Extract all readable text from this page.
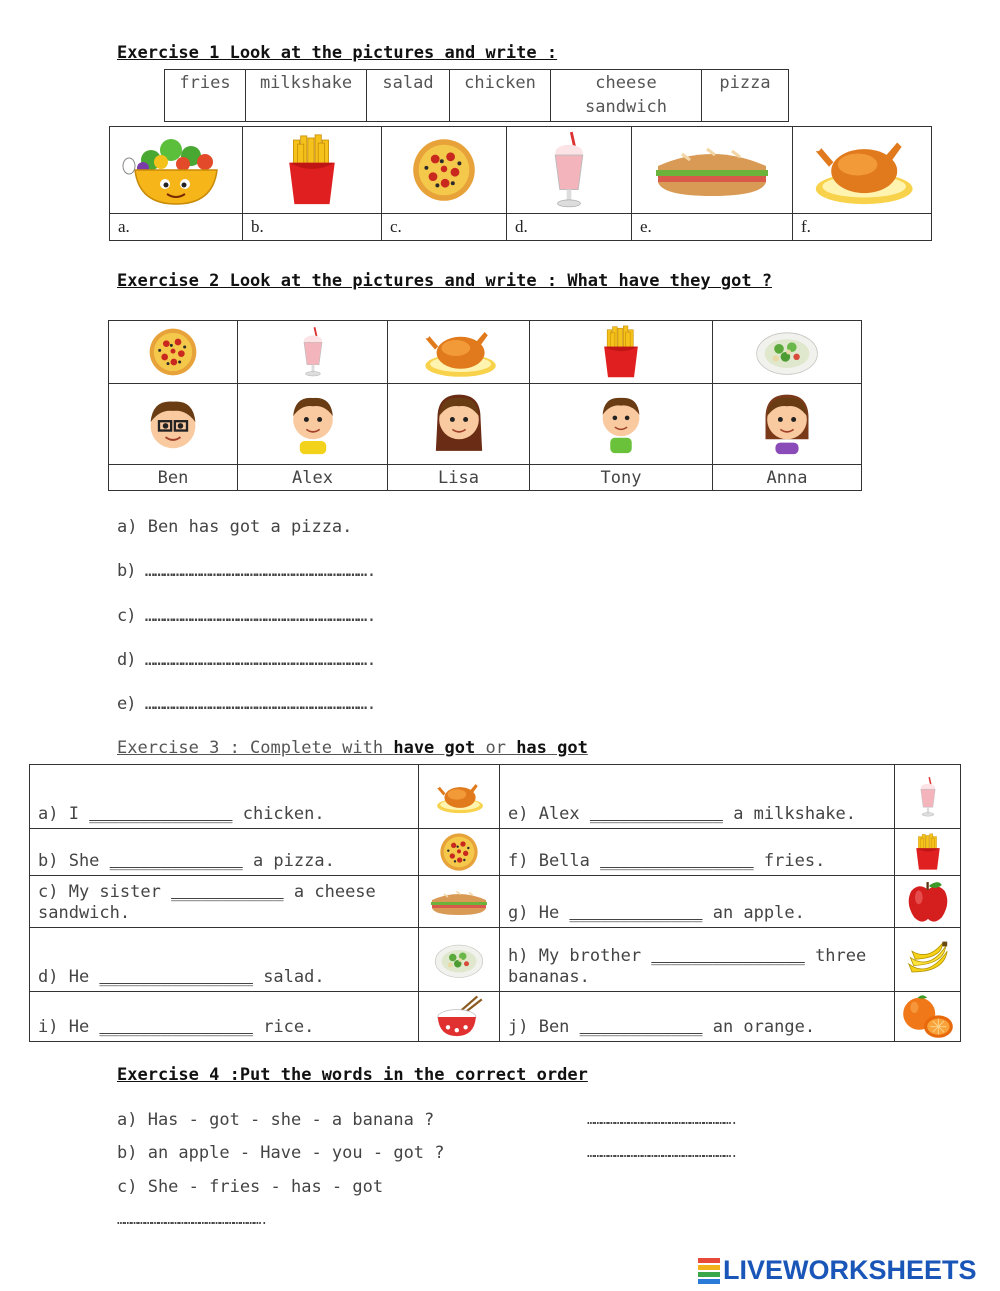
Exercise 1 Look at the pictures and write :
fries	milkshake	salad	chicken	cheese sandwich	pizza

a.	b.	c.	d.	e.	f.
Exercise 2 Look at the pictures and write : What have they got ?

Ben	Alex	Lisa	Tony	Anna
a) Ben has got a pizza.
b) ……………………………………………………………….
c) ……………………………………………………………….
d) ……………………………………………………………….
e) ……………………………………………………………….
Exercise 3 : Complete with have got or has got
a) I ______________ chicken.		e) Alex _____________ a milkshake.	

b) She _____________ a pizza.		f) Bella _______________ fries.	

c) My sister ___________ a cheese sandwich.		g) He _____________ an apple.	

d) He _______________ salad.		h) My brother _______________ three bananas.	

i) He _______________ rice.		j) Ben ____________ an orange.	
Exercise 4 :Put the words in the correct order
a) Has - got - she - a banana ?	……………………………………………………….
b) an apple - Have - you - got ?	……………………………………………………….
c) She - fries - has - got
……………………………………………………….
LIVEWORKSHEETS
